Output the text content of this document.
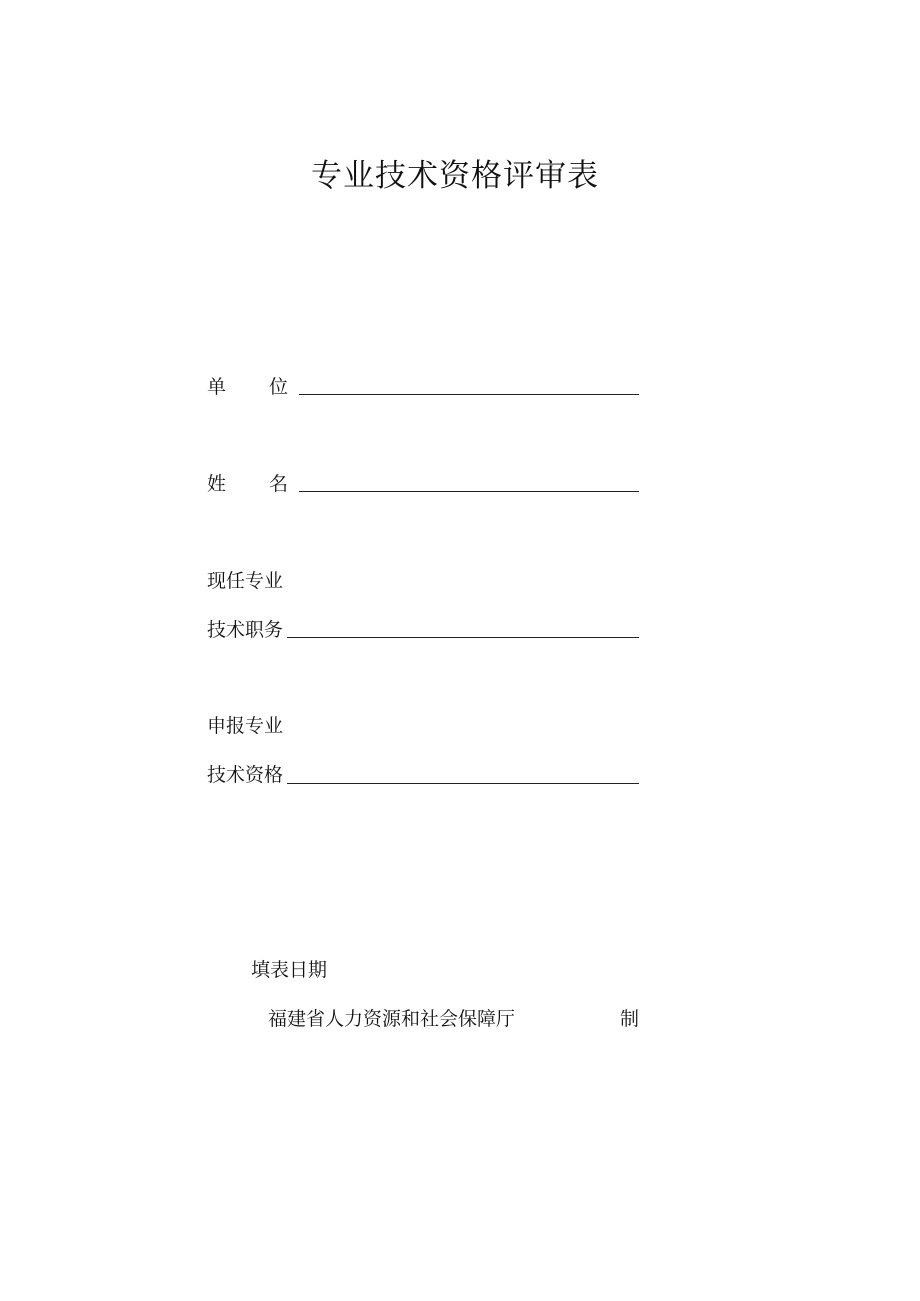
专业技术资格评审表
单 位
姓 名
现任专业
技术职务
申报专业
技术资格
填表日期
福建省人力资源和社会保障厅	制
